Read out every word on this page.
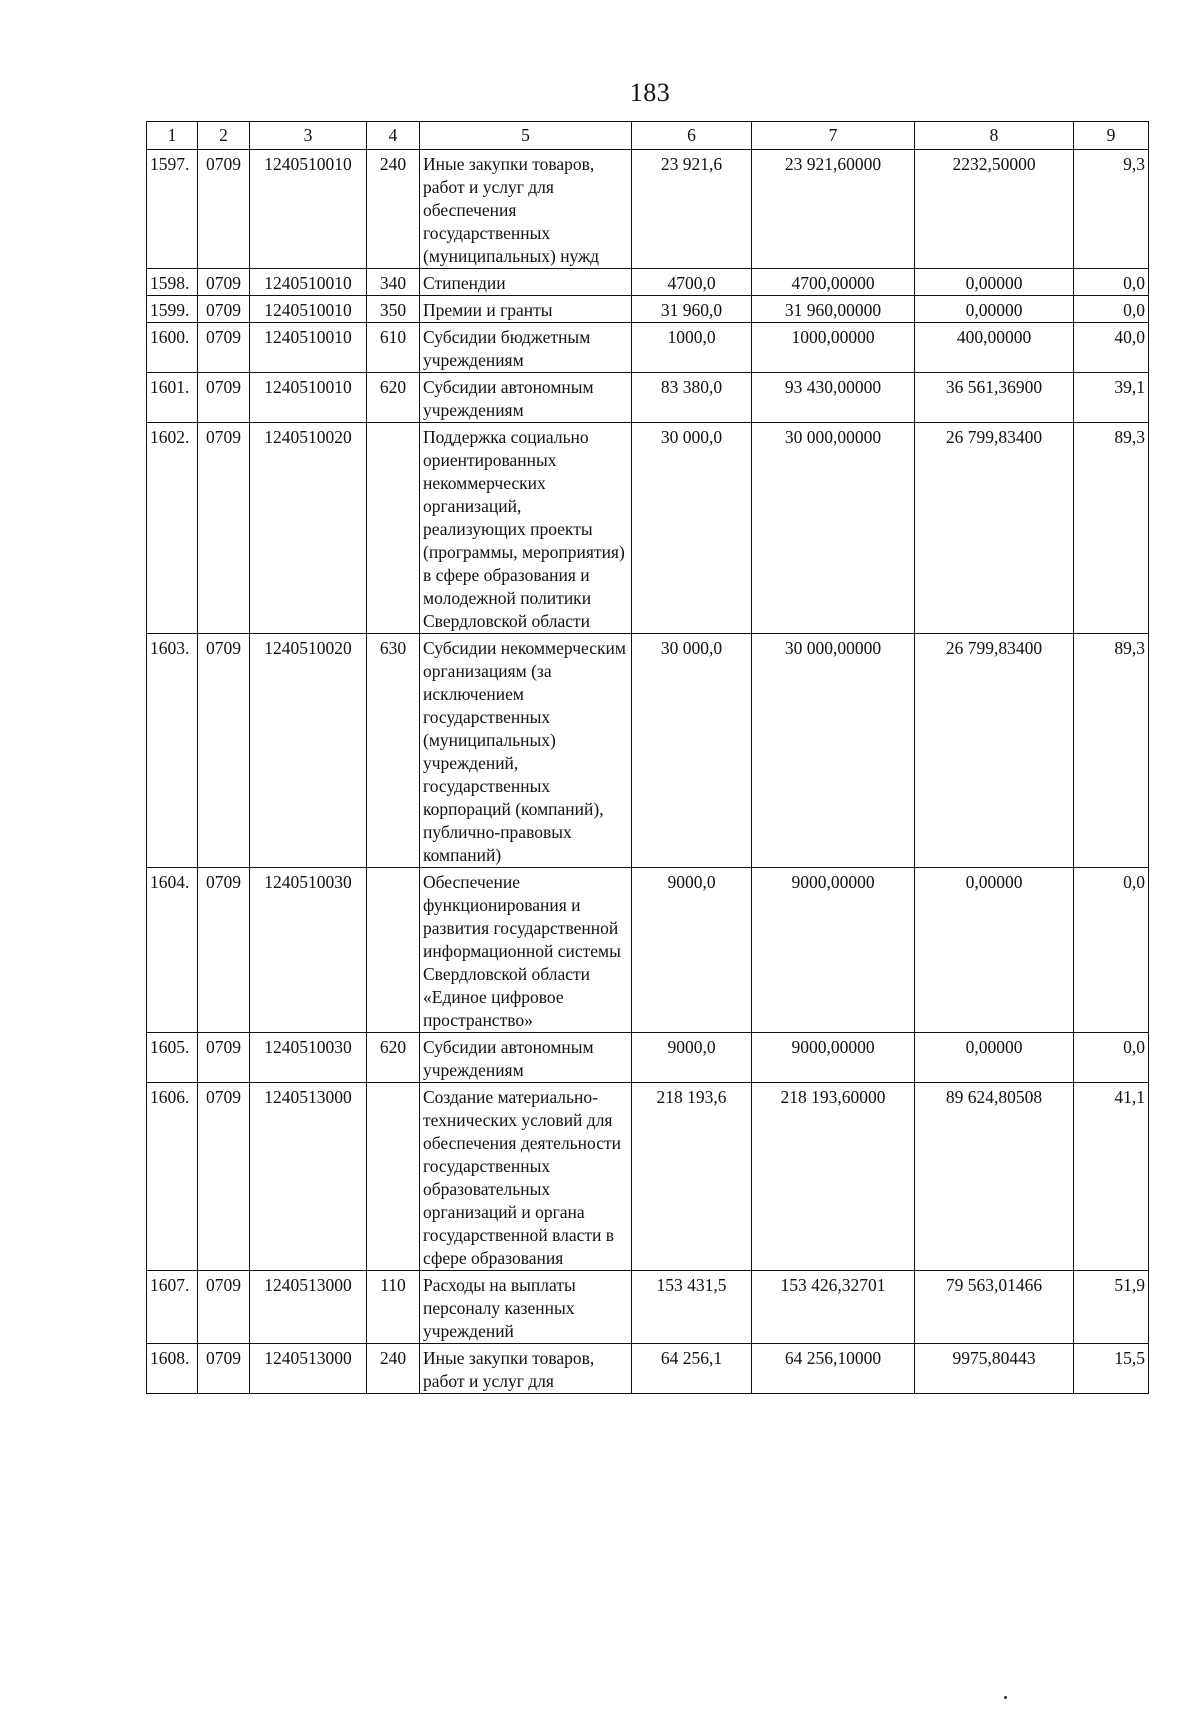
183
1	2	3	4	5	6	7	8	9
1597.	0709	1240510010	240	Иные закупки товаров, работ и услуг для обеспечения государственных (муниципальных) нужд	23 921,6	23 921,60000	2232,50000	9,3
1598.	0709	1240510010	340	Стипендии	4700,0	4700,00000	0,00000	0,0
1599.	0709	1240510010	350	Премии и гранты	31 960,0	31 960,00000	0,00000	0,0
1600.	0709	1240510010	610	Субсидии бюджетным учреждениям	1000,0	1000,00000	400,00000	40,0
1601.	0709	1240510010	620	Субсидии автономным учреждениям	83 380,0	93 430,00000	36 561,36900	39,1
1602.	0709	1240510020		Поддержка социально ориентированных некоммерческих организаций, реализующих проекты (программы, мероприятия) в сфере образования и молодежной политики Свердловской области	30 000,0	30 000,00000	26 799,83400	89,3
1603.	0709	1240510020	630	Субсидии некоммерческим организациям (за исключением государственных (муниципальных) учреждений, государственных корпораций (компаний), публично-правовых компаний)	30 000,0	30 000,00000	26 799,83400	89,3
1604.	0709	1240510030		Обеспечение функционирования и развития государственной информационной системы Свердловской области «Единое цифровое пространство»	9000,0	9000,00000	0,00000	0,0
1605.	0709	1240510030	620	Субсидии автономным учреждениям	9000,0	9000,00000	0,00000	0,0
1606.	0709	1240513000		Создание материально-технических условий для обеспечения деятельности государственных образовательных организаций и органа государственной власти в сфере образования	218 193,6	218 193,60000	89 624,80508	41,1
1607.	0709	1240513000	110	Расходы на выплаты персоналу казенных учреждений	153 431,5	153 426,32701	79 563,01466	51,9
1608.	0709	1240513000	240	Иные закупки товаров, работ и услуг для	64 256,1	64 256,10000	9975,80443	15,5
